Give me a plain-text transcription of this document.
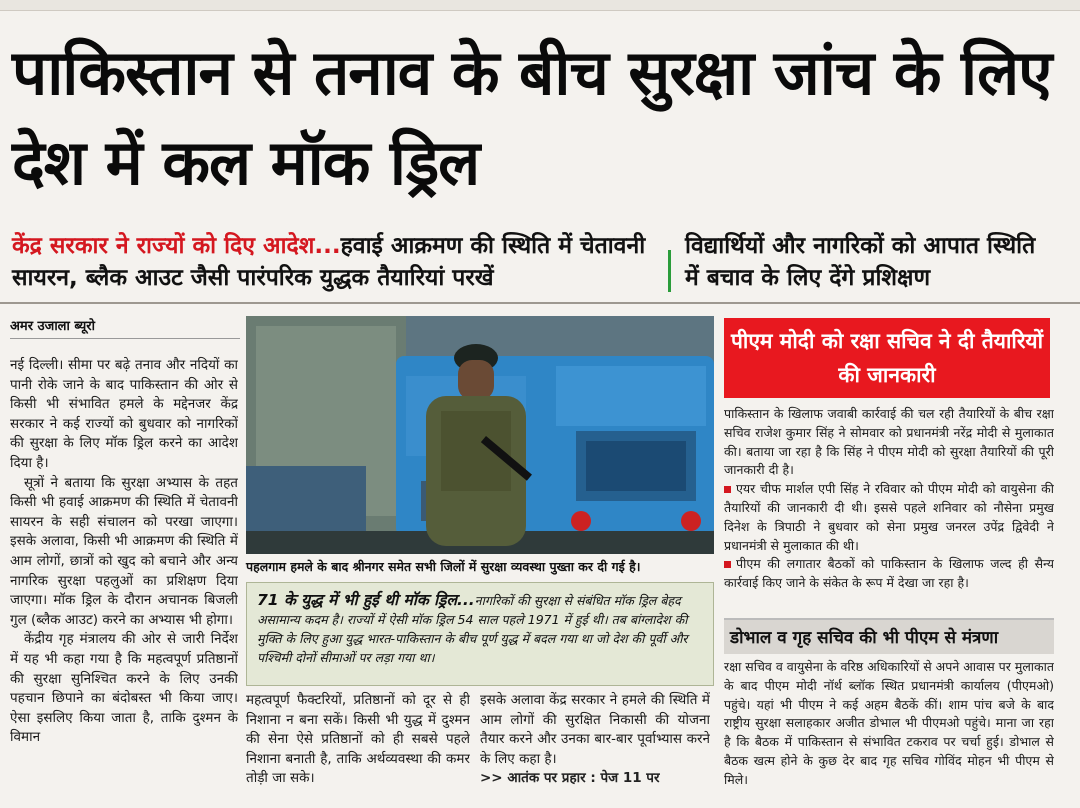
पाकिस्तान से तनाव के बीच सुरक्षा जांच के लिए देश में कल मॉक ड्रिल
केंद्र सरकार ने राज्यों को दिए आदेश...हवाई आक्रमण की स्थिति में चेतावनी सायरन, ब्लैक आउट जैसी पारंपरिक युद्धक तैयारियां परखें
विद्यार्थियों और नागरिकों को आपात स्थिति में बचाव के लिए देंगे प्रशिक्षण
अमर उजाला ब्यूरो

नई दिल्ली। सीमा पर बढ़े तनाव और नदियों का पानी रोके जाने के बाद पाकिस्तान की ओर से किसी भी संभावित हमले के मद्देनजर केंद्र सरकार ने कई राज्यों को बुधवार को नागरिकों की सुरक्षा के लिए मॉक ड्रिल करने का आदेश दिया है।

सूत्रों ने बताया कि सुरक्षा अभ्यास के तहत किसी भी हवाई आक्रमण की स्थिति में चेतावनी सायरन के सही संचालन को परखा जाएगा। इसके अलावा, किसी भी आक्रमण की स्थिति में आम लोगों, छात्रों को खुद को बचाने और अन्य नागरिक सुरक्षा पहलुओं का प्रशिक्षण दिया जाएगा। मॉक ड्रिल के दौरान अचानक बिजली गुल (ब्लैक आउट) करने का अभ्यास भी होगा।

केंद्रीय गृह मंत्रालय की ओर से जारी निर्देश में यह भी कहा गया है कि महत्वपूर्ण प्रतिष्ठानों की सुरक्षा सुनिश्चित करने के लिए उनकी पहचान छिपाने का बंदोबस्त भी किया जाए। ऐसा इसलिए किया जाता है, ताकि दुश्मन के विमान

पहलगाम हमले के बाद श्रीनगर समेत सभी जिलों में सुरक्षा व्यवस्था पुख्ता कर दी गई है।
71 के युद्ध में भी हुई थी मॉक ड्रिल...नागरिकों की सुरक्षा से संबंधित मॉक ड्रिल बेहद असामान्य कदम है। राज्यों में ऐसी मॉक ड्रिल 54 साल पहले 1971 में हुई थी। तब बांग्लादेश की मुक्ति के लिए हुआ युद्ध भारत-पाकिस्तान के बीच पूर्ण युद्ध में बदल गया था जो देश की पूर्वी और पश्चिमी दोनों सीमाओं पर लड़ा गया था।
महत्वपूर्ण फैक्टरियों, प्रतिष्ठानों को दूर से ही निशाना न बना सकें। किसी भी युद्ध में दुश्मन की सेना ऐसे प्रतिष्ठानों को ही सबसे पहले निशाना बनाती है, ताकि अर्थव्यवस्था की कमर तोड़ी जा सके।
इसके अलावा केंद्र सरकार ने हमले की स्थिति में आम लोगों की सुरक्षित निकासी की योजना तैयार करने और उनका बार-बार पूर्वाभ्यास करने के लिए कहा है।
>> आतंक पर प्रहार : पेज 11 पर
पीएम मोदी को रक्षा सचिव ने दी तैयारियों की जानकारी

पाकिस्तान के खिलाफ जवाबी कार्रवाई की चल रही तैयारियों के बीच रक्षा सचिव राजेश कुमार सिंह ने सोमवार को प्रधानमंत्री नरेंद्र मोदी से मुलाकात की। बताया जा रहा है कि सिंह ने पीएम मोदी को सुरक्षा तैयारियों की पूरी जानकारी दी है।

एयर चीफ मार्शल एपी सिंह ने रविवार को पीएम मोदी को वायुसेना की तैयारियों की जानकारी दी थी। इससे पहले शनिवार को नौसेना प्रमुख दिनेश के त्रिपाठी ने बुधवार को सेना प्रमुख जनरल उपेंद्र द्विवेदी ने प्रधानमंत्री से मुलाकात की थी।

पीएम की लगातार बैठकों को पाकिस्तान के खिलाफ जल्द ही सैन्य कार्रवाई किए जाने के संकेत के रूप में देखा जा रहा है।

डोभाल व गृह सचिव की भी पीएम से मंत्रणा
रक्षा सचिव व वायुसेना के वरिष्ठ अधिकारियों से अपने आवास पर मुलाकात के बाद पीएम मोदी नॉर्थ ब्लॉक स्थित प्रधानमंत्री कार्यालय (पीएमओ) पहुंचे। यहां भी पीएम ने कई अहम बैठकें कीं। शाम पांच बजे के बाद राष्ट्रीय सुरक्षा सलाहकार अजीत डोभाल भी पीएमओ पहुंचे। माना जा रहा है कि बैठक में पाकिस्तान से संभावित टकराव पर चर्चा हुई। डोभाल से बैठक खत्म होने के कुछ देर बाद गृह सचिव गोविंद मोहन भी पीएम से मिले।
